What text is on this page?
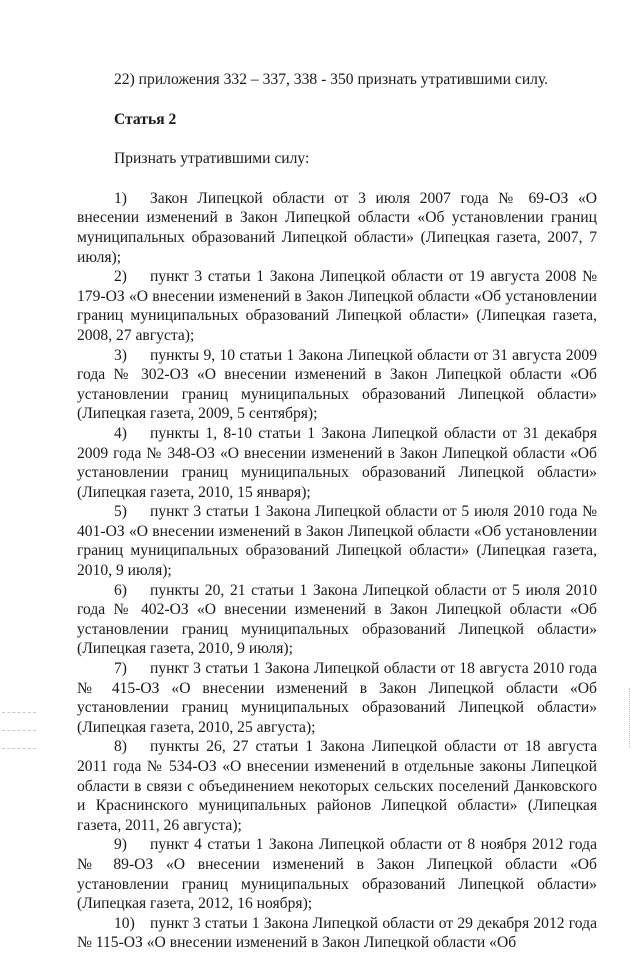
22) приложения 332 – 337, 338 - 350 признать утратившими силу.

Статья 2

Признать утратившими силу:

1) Закон Липецкой области от 3 июля 2007 года № 69-ОЗ «О внесении изменений в Закон Липецкой области «Об установлении границ муниципальных образований Липецкой области» (Липецкая газета, 2007, 7 июля);

2) пункт 3 статьи 1 Закона Липецкой области от 19 августа 2008 № 179-ОЗ «О внесении изменений в Закон Липецкой области «Об установлении границ муниципальных образований Липецкой области» (Липецкая газета, 2008, 27 августа);

3) пункты 9, 10 статьи 1 Закона Липецкой области от 31 августа 2009 года № 302-ОЗ «О внесении изменений в Закон Липецкой области «Об установлении границ муниципальных образований Липецкой области» (Липецкая газета, 2009, 5 сентября);

4) пункты 1, 8-10 статьи 1 Закона Липецкой области от 31 декабря 2009 года № 348-ОЗ «О внесении изменений в Закон Липецкой области «Об установлении границ муниципальных образований Липецкой области» (Липецкая газета, 2010, 15 января);

5) пункт 3 статьи 1 Закона Липецкой области от 5 июля 2010 года № 401-ОЗ «О внесении изменений в Закон Липецкой области «Об установлении границ муниципальных образований Липецкой области» (Липецкая газета, 2010, 9 июля);

6) пункты 20, 21 статьи 1 Закона Липецкой области от 5 июля 2010 года № 402-ОЗ «О внесении изменений в Закон Липецкой области «Об установлении границ муниципальных образований Липецкой области» (Липецкая газета, 2010, 9 июля);

7) пункт 3 статьи 1 Закона Липецкой области от 18 августа 2010 года № 415-ОЗ «О внесении изменений в Закон Липецкой области «Об установлении границ муниципальных образований Липецкой области» (Липецкая газета, 2010, 25 августа);

8) пункты 26, 27 статьи 1 Закона Липецкой области от 18 августа 2011 года № 534-ОЗ «О внесении изменений в отдельные законы Липецкой области в связи с объединением некоторых сельских поселений Данковского и Краснинского муниципальных районов Липецкой области» (Липецкая газета, 2011, 26 августа);

9) пункт 4 статьи 1 Закона Липецкой области от 8 ноября 2012 года № 89-ОЗ «О внесении изменений в Закон Липецкой области «Об установлении границ муниципальных образований Липецкой области» (Липецкая газета, 2012, 16 ноября);

10) пункт 3 статьи 1 Закона Липецкой области от 29 декабря 2012 года № 115-ОЗ «О внесении изменений в Закон Липецкой области «Об
